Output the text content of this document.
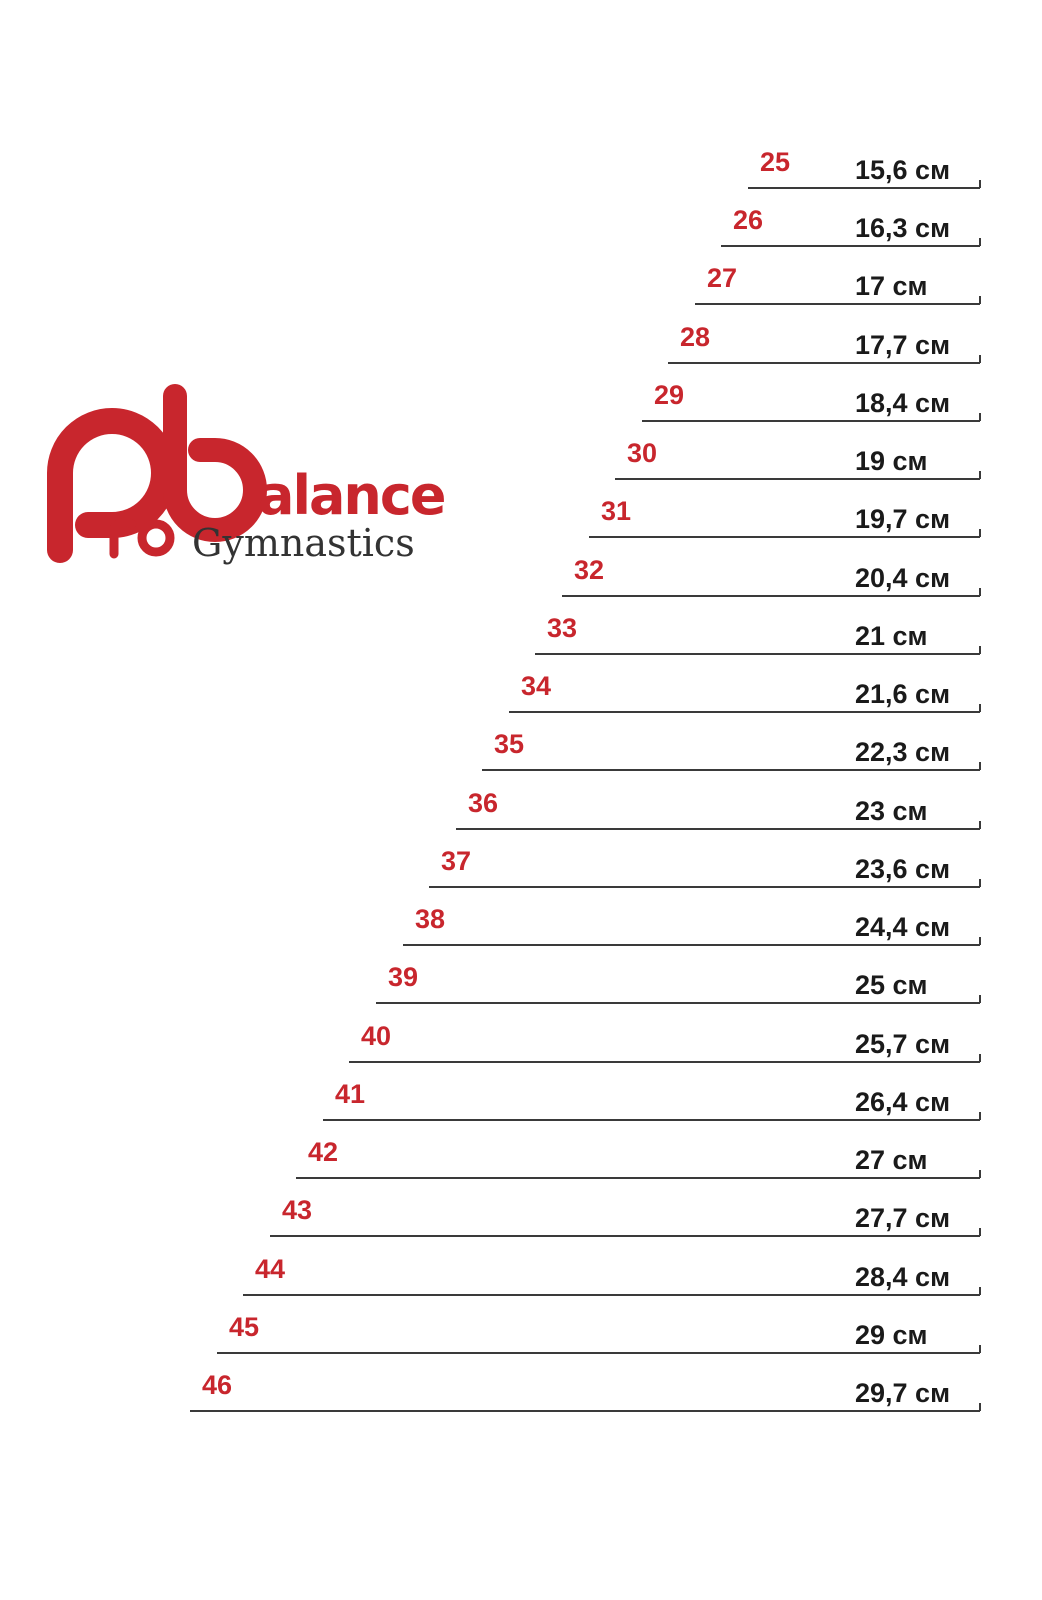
alance
Gymnastics
25 15,6 см
26	16,3 см
27	17 см
28	17,7 см
29	18,4 см
30	19 см
31	19,7 см
32	20,4 см
33	21 см
34	21,6 см
35	22,3 см
36	23 см
37	23,6 см
38	24,4 см
39	25 см
40	25,7 см
41	26,4 см
42	27 см
43	27,7 см
44	28,4 см
45	29 см
46	29,7 см
